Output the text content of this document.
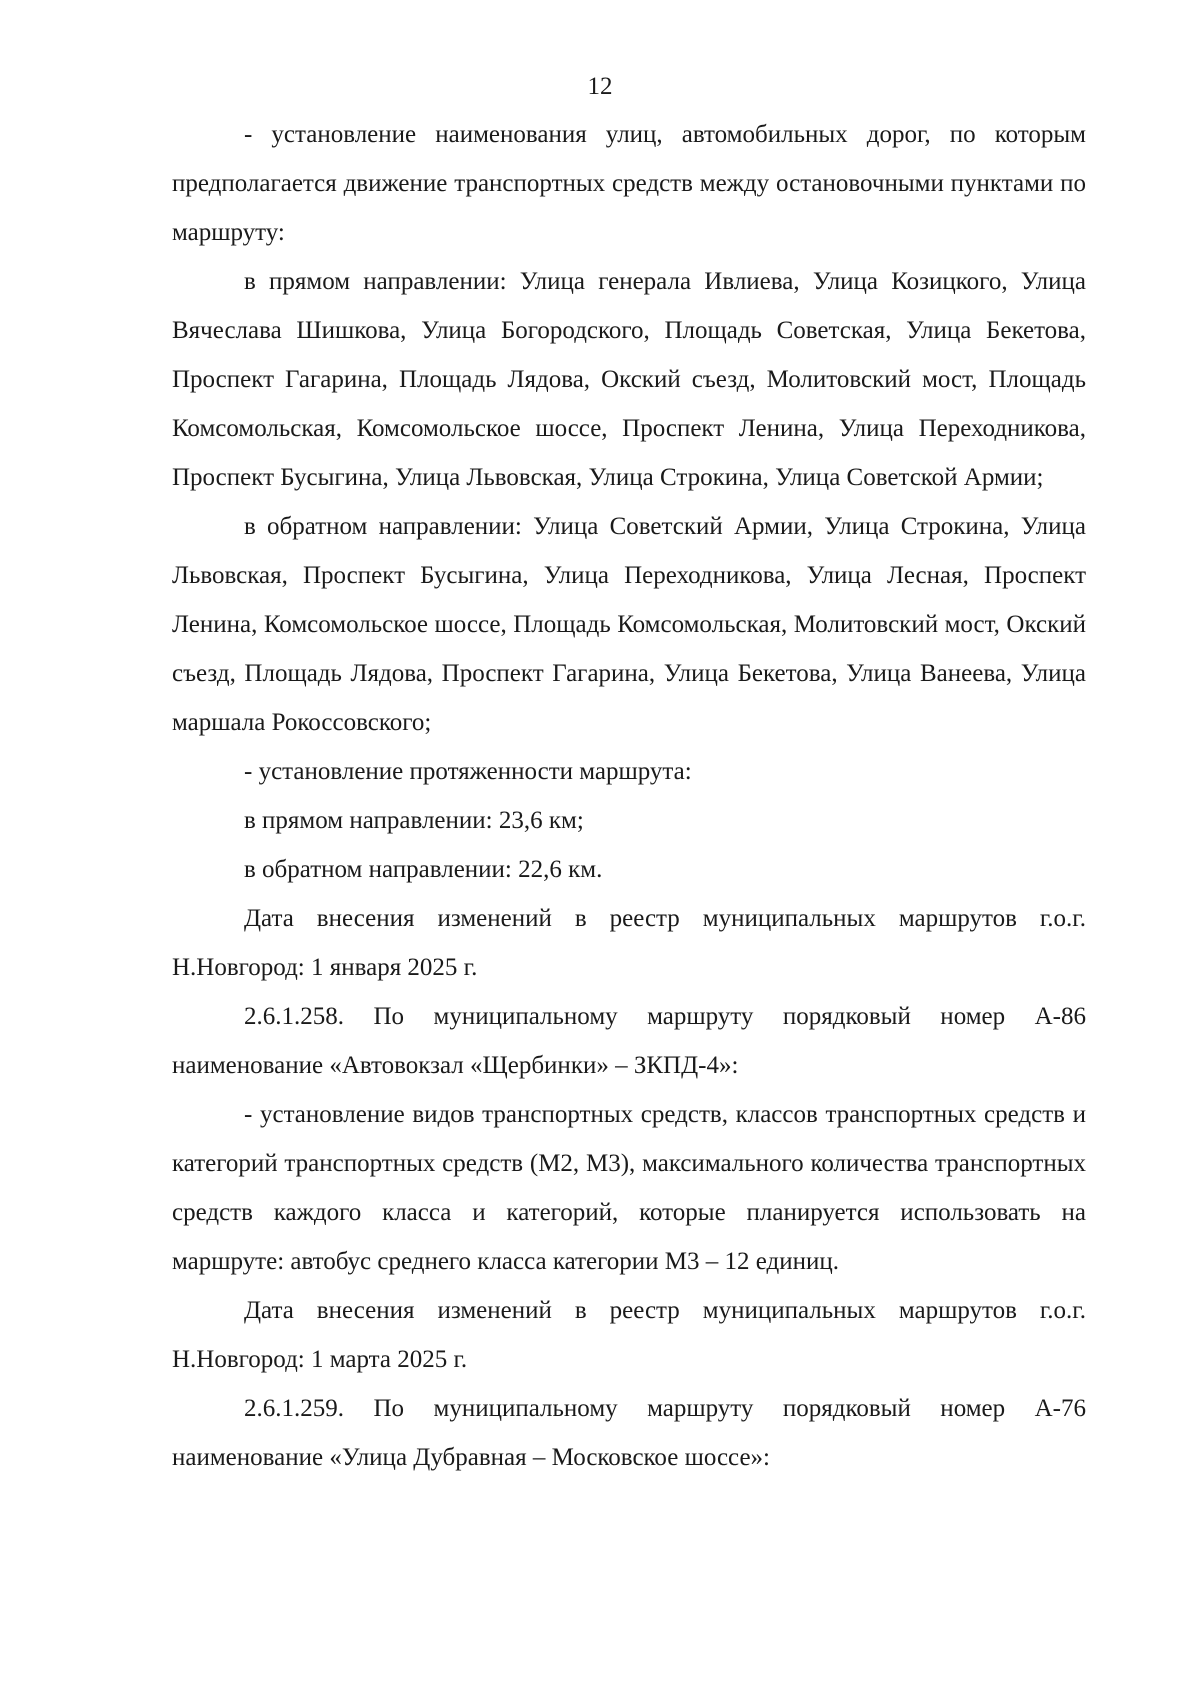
12

- установление наименования улиц, автомобильных дорог, по которым предполагается движение транспортных средств между остановочными пунктами по маршруту:

в прямом направлении: Улица генерала Ивлиева, Улица Козицкого, Улица Вячеслава Шишкова, Улица Богородского, Площадь Советская, Улица Бекетова, Проспект Гагарина, Площадь Лядова, Окский съезд, Молитовский мост, Площадь Комсомольская, Комсомольское шоссе, Проспект Ленина, Улица Переходникова, Проспект Бусыгина, Улица Львовская, Улица Строкина, Улица Советской Армии;

в обратном направлении: Улица Советский Армии, Улица Строкина, Улица Львовская, Проспект Бусыгина, Улица Переходникова, Улица Лесная, Проспект Ленина, Комсомольское шоссе, Площадь Комсомольская, Молитовский мост, Окский съезд, Площадь Лядова, Проспект Гагарина, Улица Бекетова, Улица Ванеева, Улица маршала Рокоссовского;

- установление протяженности маршрута:

в прямом направлении: 23,6 км;

в обратном направлении: 22,6 км.

Дата внесения изменений в реестр муниципальных маршрутов г.о.г. Н.Новгород: 1 января 2025 г.

2.6.1.258. По муниципальному маршруту порядковый номер А-86 наименование «Автовокзал «Щербинки» – ЗКПД-4»:

- установление видов транспортных средств, классов транспортных средств и категорий транспортных средств (М2, М3), максимального количества транспортных средств каждого класса и категорий, которые планируется использовать на маршруте: автобус среднего класса категории М3 – 12 единиц.

Дата внесения изменений в реестр муниципальных маршрутов г.о.г. Н.Новгород: 1 марта 2025 г.

2.6.1.259. По муниципальному маршруту порядковый номер А-76 наименование «Улица Дубравная – Московское шоссе»:
